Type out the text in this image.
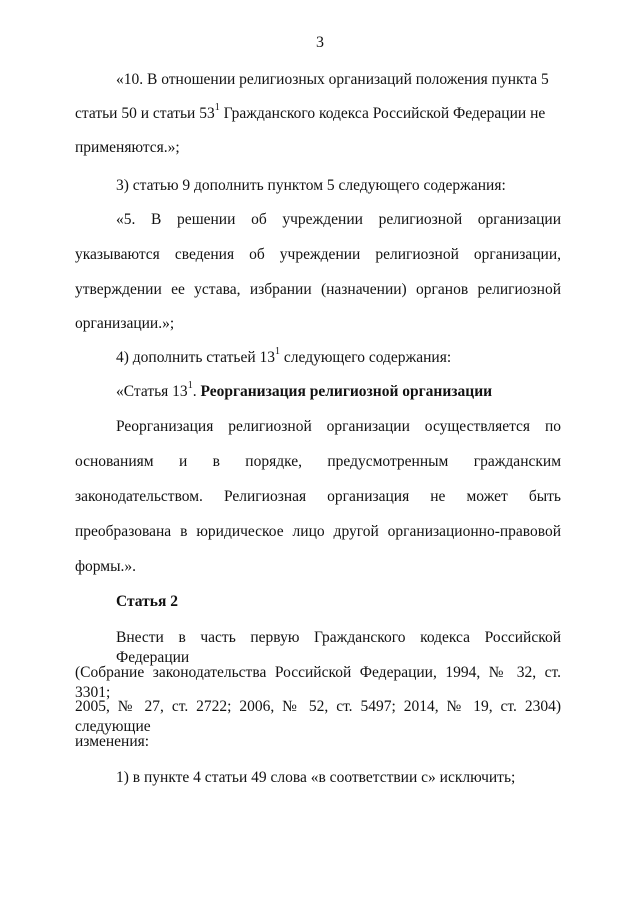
3
«10. В отношении религиозных организаций положения пункта 5
статьи 50 и статьи $53^1$ Гражданского кодекса Российской Федерации не
применяются.»;
3) статью 9 дополнить пунктом 5 следующего содержания:
«5. В решении об учреждении религиозной организации
указываются сведения об учреждении религиозной организации,
утверждении ее устава, избрании (назначении) органов религиозной
организации.»;
4) дополнить статьей $13^1$ следующего содержания:
«Статья $13^1$. Реорганизация религиозной организации
Реорганизация религиозной организации осуществляется по
основаниям и в порядке, предусмотренным гражданским
законодательством. Религиозная организация не может быть
преобразована в юридическое лицо другой организационно-правовой
формы.».
Статья 2
Внести в часть первую Гражданского кодекса Российской Федерации
(Собрание законодательства Российской Федерации, 1994, № 32, ст. 3301;
2005, № 27, ст. 2722; 2006, № 52, ст. 5497; 2014, № 19, ст. 2304) следующие
изменения:
1) в пункте 4 статьи 49 слова «в соответствии с» исключить;
